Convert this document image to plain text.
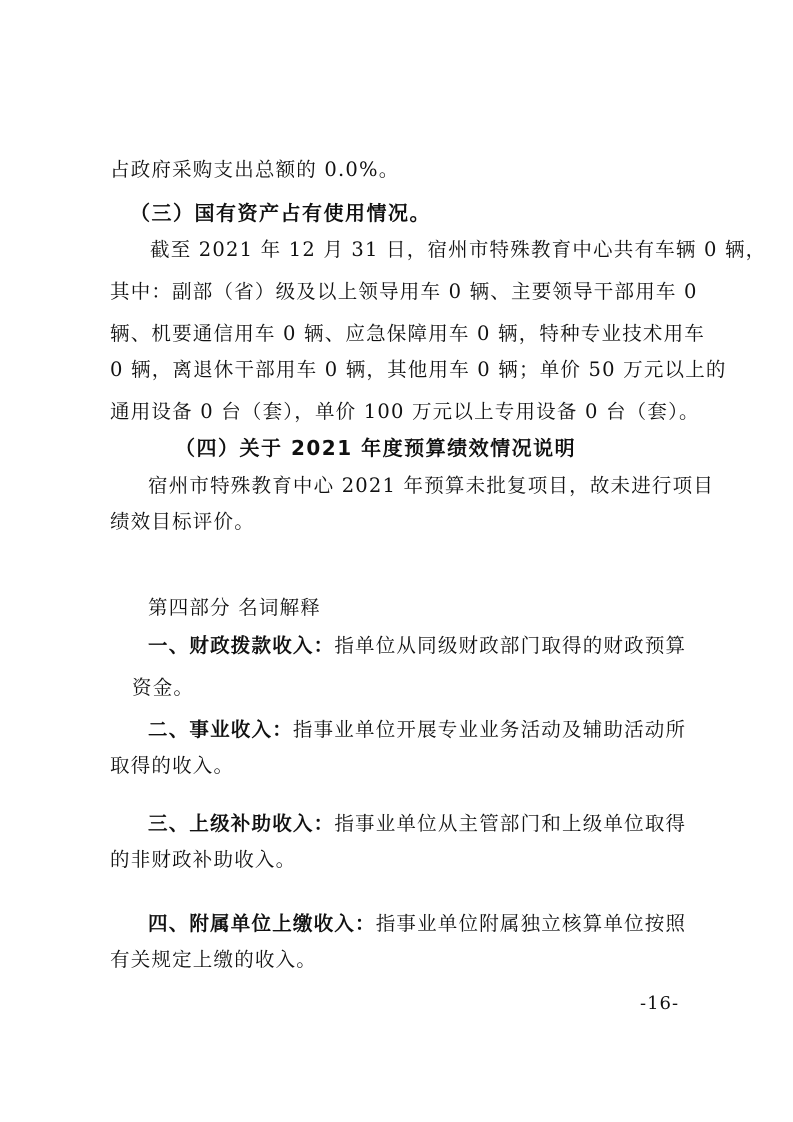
占政府采购支出总额的 0.0%。
（三）国有资产占有使用情况。
截至 2021 年 12 月 31 日，宿州市特殊教育中心共有车辆 0 辆，
其中：副部（省）级及以上领导用车 0 辆、主要领导干部用车 0
辆、机要通信用车 0 辆、应急保障用车 0 辆，特种专业技术用车
0 辆，离退休干部用车 0 辆，其他用车 0 辆；单价 50 万元以上的
通用设备 0 台（套），单价 100 万元以上专用设备 0 台（套）。
（四）关于 2021 年度预算绩效情况说明
宿州市特殊教育中心 2021 年预算未批复项目，故未进行项目
绩效目标评价。
第四部分 名词解释
一、财政拨款收入：指单位从同级财政部门取得的财政预算
资金。
二、事业收入：指事业单位开展专业业务活动及辅助活动所
取得的收入。
三、上级补助收入：指事业单位从主管部门和上级单位取得
的非财政补助收入。
四、附属单位上缴收入：指事业单位附属独立核算单位按照
有关规定上缴的收入。
-16-
